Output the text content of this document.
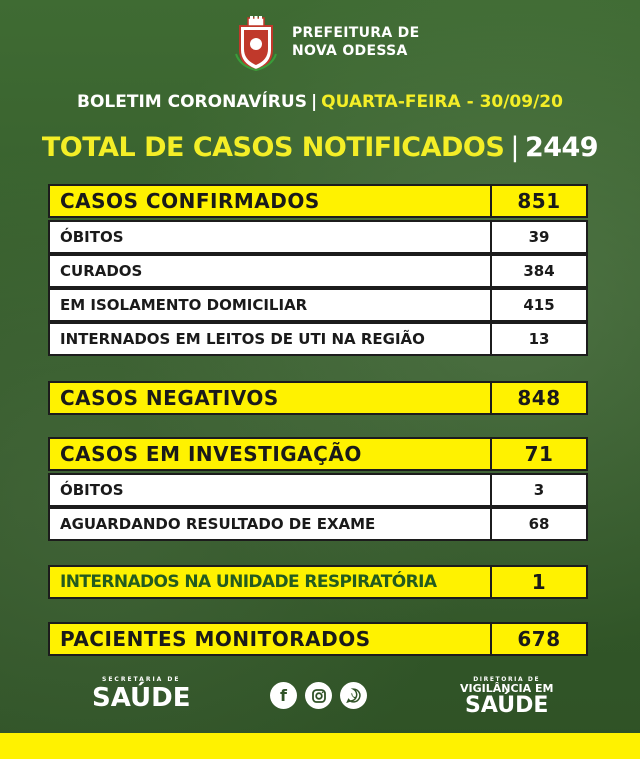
PREFEITURA DE
NOVA ODESSA
BOLETIM CORONAVÍRUS | QUARTA-FEIRA - 30/09/20
TOTAL DE CASOS NOTIFICADOS | 2449
CASOS CONFIRMADOS	851
ÓBITOS	39
CURADOS	384
EM ISOLAMENTO DOMICILIAR	415
INTERNADOS EM LEITOS DE UTI NA REGIÃO	13
CASOS NEGATIVOS	848
CASOS EM INVESTIGAÇÃO	71
ÓBITOS	3
AGUARDANDO RESULTADO DE EXAME	68
INTERNADOS NA UNIDADE RESPIRATÓRIA	1
PACIENTES MONITORADOS	678
SECRETARIA DE
SAÚDE	f
DIRETORIA DE
VIGILÂNCIA EM
SAÚDE
